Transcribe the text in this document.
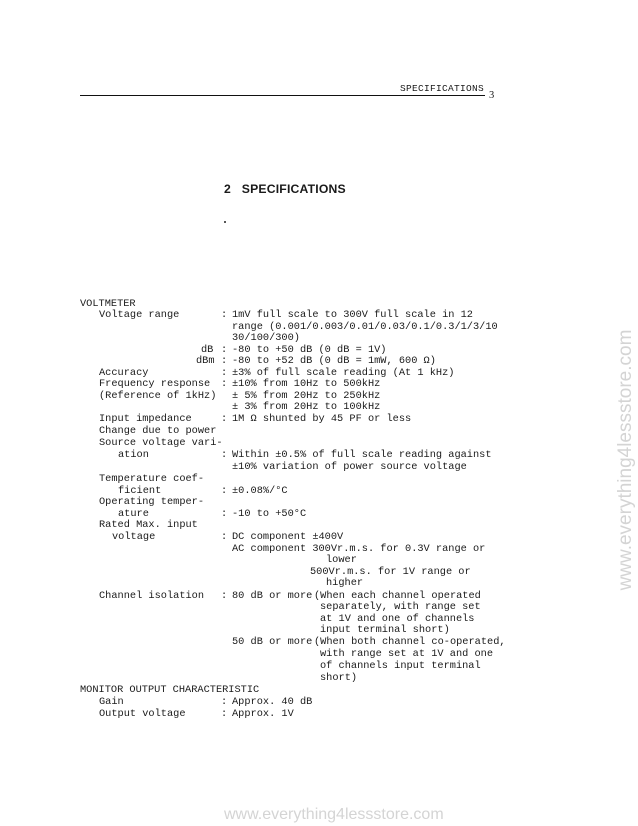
SPECIFICATIONS
3
2   SPECIFICATIONS
VOLTMETER
Voltage range	: 1mV full scale to 300V full scale in 12
range (0.001/0.003/0.01/0.03/0.1/0.3/1/3/10
30/100/300)
dB : -80 to +50 dB (0 dB = 1V)
dBm : -80 to +52 dB (0 dB = 1mW, 600 Ω)
Accuracy	: ±3% of full scale reading (At 1 kHz)
Frequency response : ±10% from 10Hz to 500kHz
(Reference of 1kHz) ± 5% from 20Hz to 250kHz
± 3% from 20Hz to 100kHz
Input impedance	: 1M Ω shunted by 45 PF or less
Change due to power
Source voltage vari-
ation	: Within ±0.5% of full scale reading against
±10% variation of power source voltage
Temperature coef-
ficient	: ±0.08%/°C
Operating temper-
ature	: -10 to +50°C
Rated Max. input
voltage	: DC component ±400V
AC component 300Vr.m.s. for 0.3V range or
lower
500Vr.m.s. for 1V range or
higher
Channel isolation : 80 dB or more (When each channel operated
separately, with range set
at 1V and one of channels
input terminal short)
50 dB or more (When both channel co-operated,
with range set at 1V and one
of channels input terminal
short)
MONITOR OUTPUT CHARACTERISTIC
Gain	: Approx. 40 dB
Output voltage	: Approx. 1V
www.everything4lessstore.com
www.everything4lessstore.com
